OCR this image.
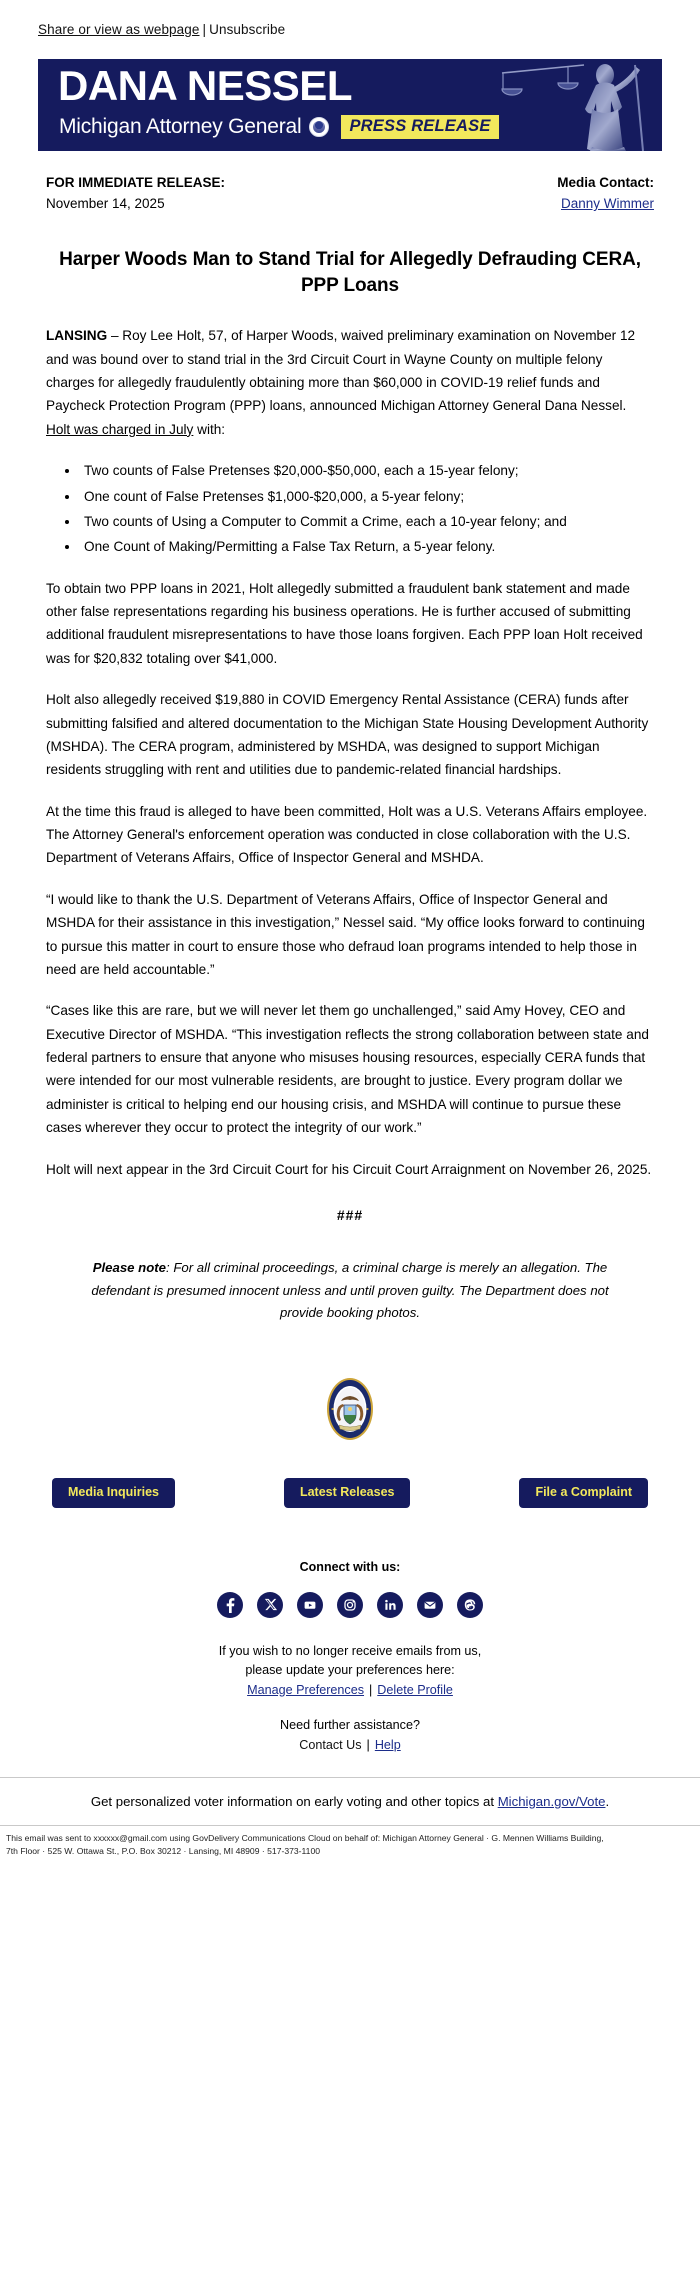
Share or view as webpage | Unsubscribe
DANA NESSEL
Michigan Attorney General	PRESS RELEASE
FOR IMMEDIATE RELEASE:
November 14, 2025
Media Contact:
Danny Wimmer
Harper Woods Man to Stand Trial for Allegedly Defrauding CERA, PPP Loans

LANSING – Roy Lee Holt, 57, of Harper Woods, waived preliminary examination on November 12 and was bound over to stand trial in the 3rd Circuit Court in Wayne County on multiple felony charges for allegedly fraudulently obtaining more than $60,000 in COVID-19 relief funds and Paycheck Protection Program (PPP) loans, announced Michigan Attorney General Dana Nessel. Holt was charged in July with:

• Two counts of False Pretenses $20,000-$50,000, each a 15-year felony;
• One count of False Pretenses $1,000-$20,000, a 5-year felony;
• Two counts of Using a Computer to Commit a Crime, each a 10-year felony; and
• One Count of Making/Permitting a False Tax Return, a 5-year felony.

To obtain two PPP loans in 2021, Holt allegedly submitted a fraudulent bank statement and made other false representations regarding his business operations. He is further accused of submitting additional fraudulent misrepresentations to have those loans forgiven. Each PPP loan Holt received was for $20,832 totaling over $41,000.

Holt also allegedly received $19,880 in COVID Emergency Rental Assistance (CERA) funds after submitting falsified and altered documentation to the Michigan State Housing Development Authority (MSHDA). The CERA program, administered by MSHDA, was designed to support Michigan residents struggling with rent and utilities due to pandemic-related financial hardships.

At the time this fraud is alleged to have been committed, Holt was a U.S. Veterans Affairs employee. The Attorney General's enforcement operation was conducted in close collaboration with the U.S. Department of Veterans Affairs, Office of Inspector General and MSHDA.

“I would like to thank the U.S. Department of Veterans Affairs, Office of Inspector General and MSHDA for their assistance in this investigation,” Nessel said. “My office looks forward to continuing to pursue this matter in court to ensure those who defraud loan programs intended to help those in need are held accountable.”

“Cases like this are rare, but we will never let them go unchallenged,” said Amy Hovey, CEO and Executive Director of MSHDA. “This investigation reflects the strong collaboration between state and federal partners to ensure that anyone who misuses housing resources, especially CERA funds that were intended for our most vulnerable residents, are brought to justice. Every program dollar we administer is critical to helping end our housing crisis, and MSHDA will continue to pursue these cases wherever they occur to protect the integrity of our work.”

Holt will next appear in the 3rd Circuit Court for his Circuit Court Arraignment on November 26, 2025.

###

Please note: For all criminal proceedings, a criminal charge is merely an allegation. The defendant is presumed innocent unless and until proven guilty. The Department does not provide booking photos.

Media Inquiries	Latest Releases	File a Complaint
Connect with us:
If you wish to no longer receive emails from us,
please update your preferences here:
Manage Preferences | Delete Profile
Need further assistance?
Contact Us | Help
Get personalized voter information on early voting and other topics at Michigan.gov/Vote.
This email was sent to xxxxxx@gmail.com using GovDelivery Communications Cloud on behalf of: Michigan Attorney General · G. Mennen Williams Building,
7th Floor · 525 W. Ottawa St., P.O. Box 30212 · Lansing, MI 48909 · 517-373-1100
